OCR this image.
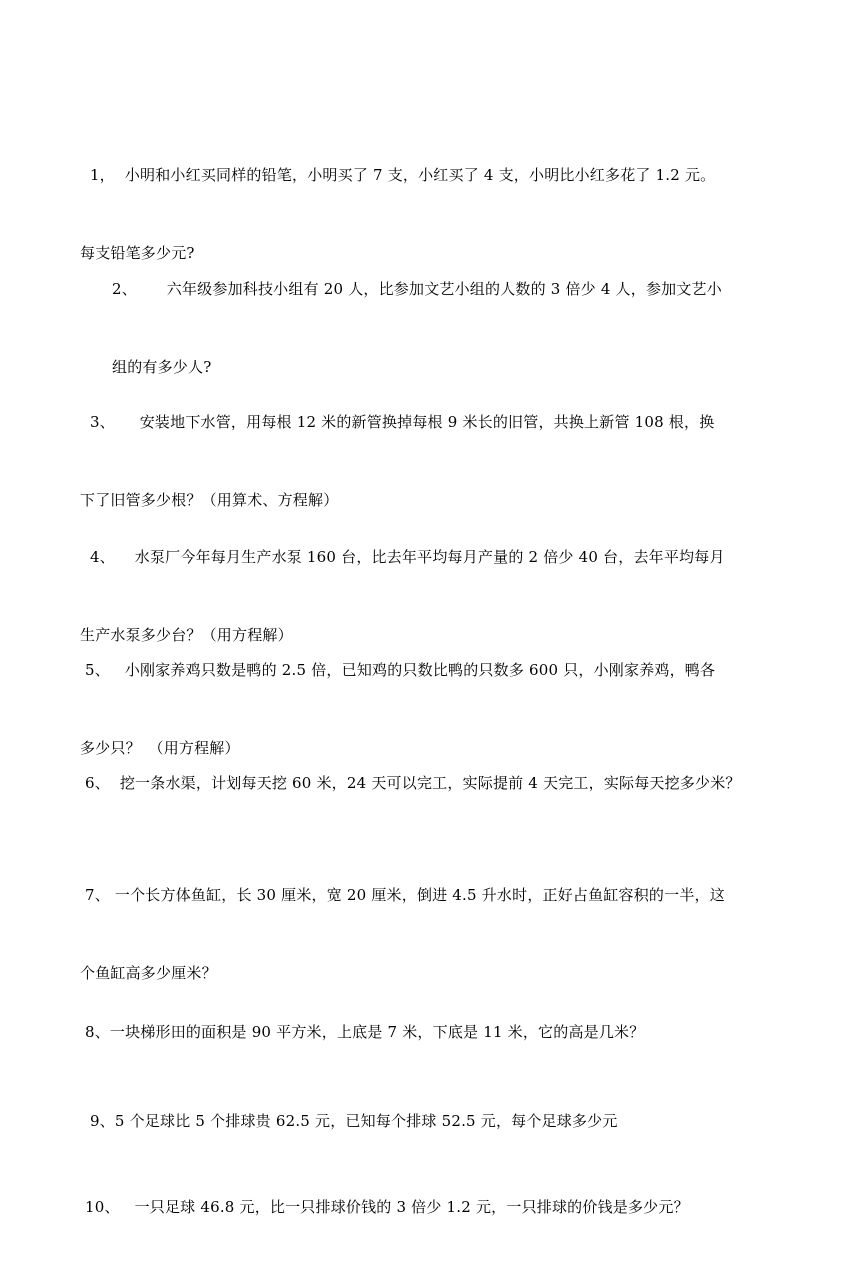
1， 小明和小红买同样的铅笔，小明买了 7 支，小红买了 4 支，小明比小红多花了 1.2 元。

每支铅笔多少元?

2、 六年级参加科技小组有 20 人，比参加文艺小组的人数的 3 倍少 4 人，参加文艺小

组的有多少人?

3、 安装地下水管，用每根 12 米的新管换掉每根 9 米长的旧管，共换上新管 108 根，换

下了旧管多少根？（用算术、方程解）

4、 水泵厂今年每月生产水泵 160 台，比去年平均每月产量的 2 倍少 40 台，去年平均每月

生产水泵多少台？（用方程解）

5、 小刚家养鸡只数是鸭的 2.5 倍，已知鸡的只数比鸭的只数多 600 只，小刚家养鸡，鸭各

多少只？　（用方程解）

6、 挖一条水渠，计划每天挖 60 米，24 天可以完工，实际提前 4 天完工，实际每天挖多少米？

7、 一个长方体鱼缸，长 30 厘米，宽 20 厘米，倒进 4.5 升水时，正好占鱼缸容积的一半，这

个鱼缸高多少厘米？

8、一块梯形田的面积是 90 平方米，上底是 7 米，下底是 11 米，它的高是几米？

9、5 个足球比 5 个排球贵 62.5 元，已知每个排球 52.5 元，每个足球多少元

10、 一只足球 46.8 元，比一只排球价钱的 3 倍少 1.2 元，一只排球的价钱是多少元？
